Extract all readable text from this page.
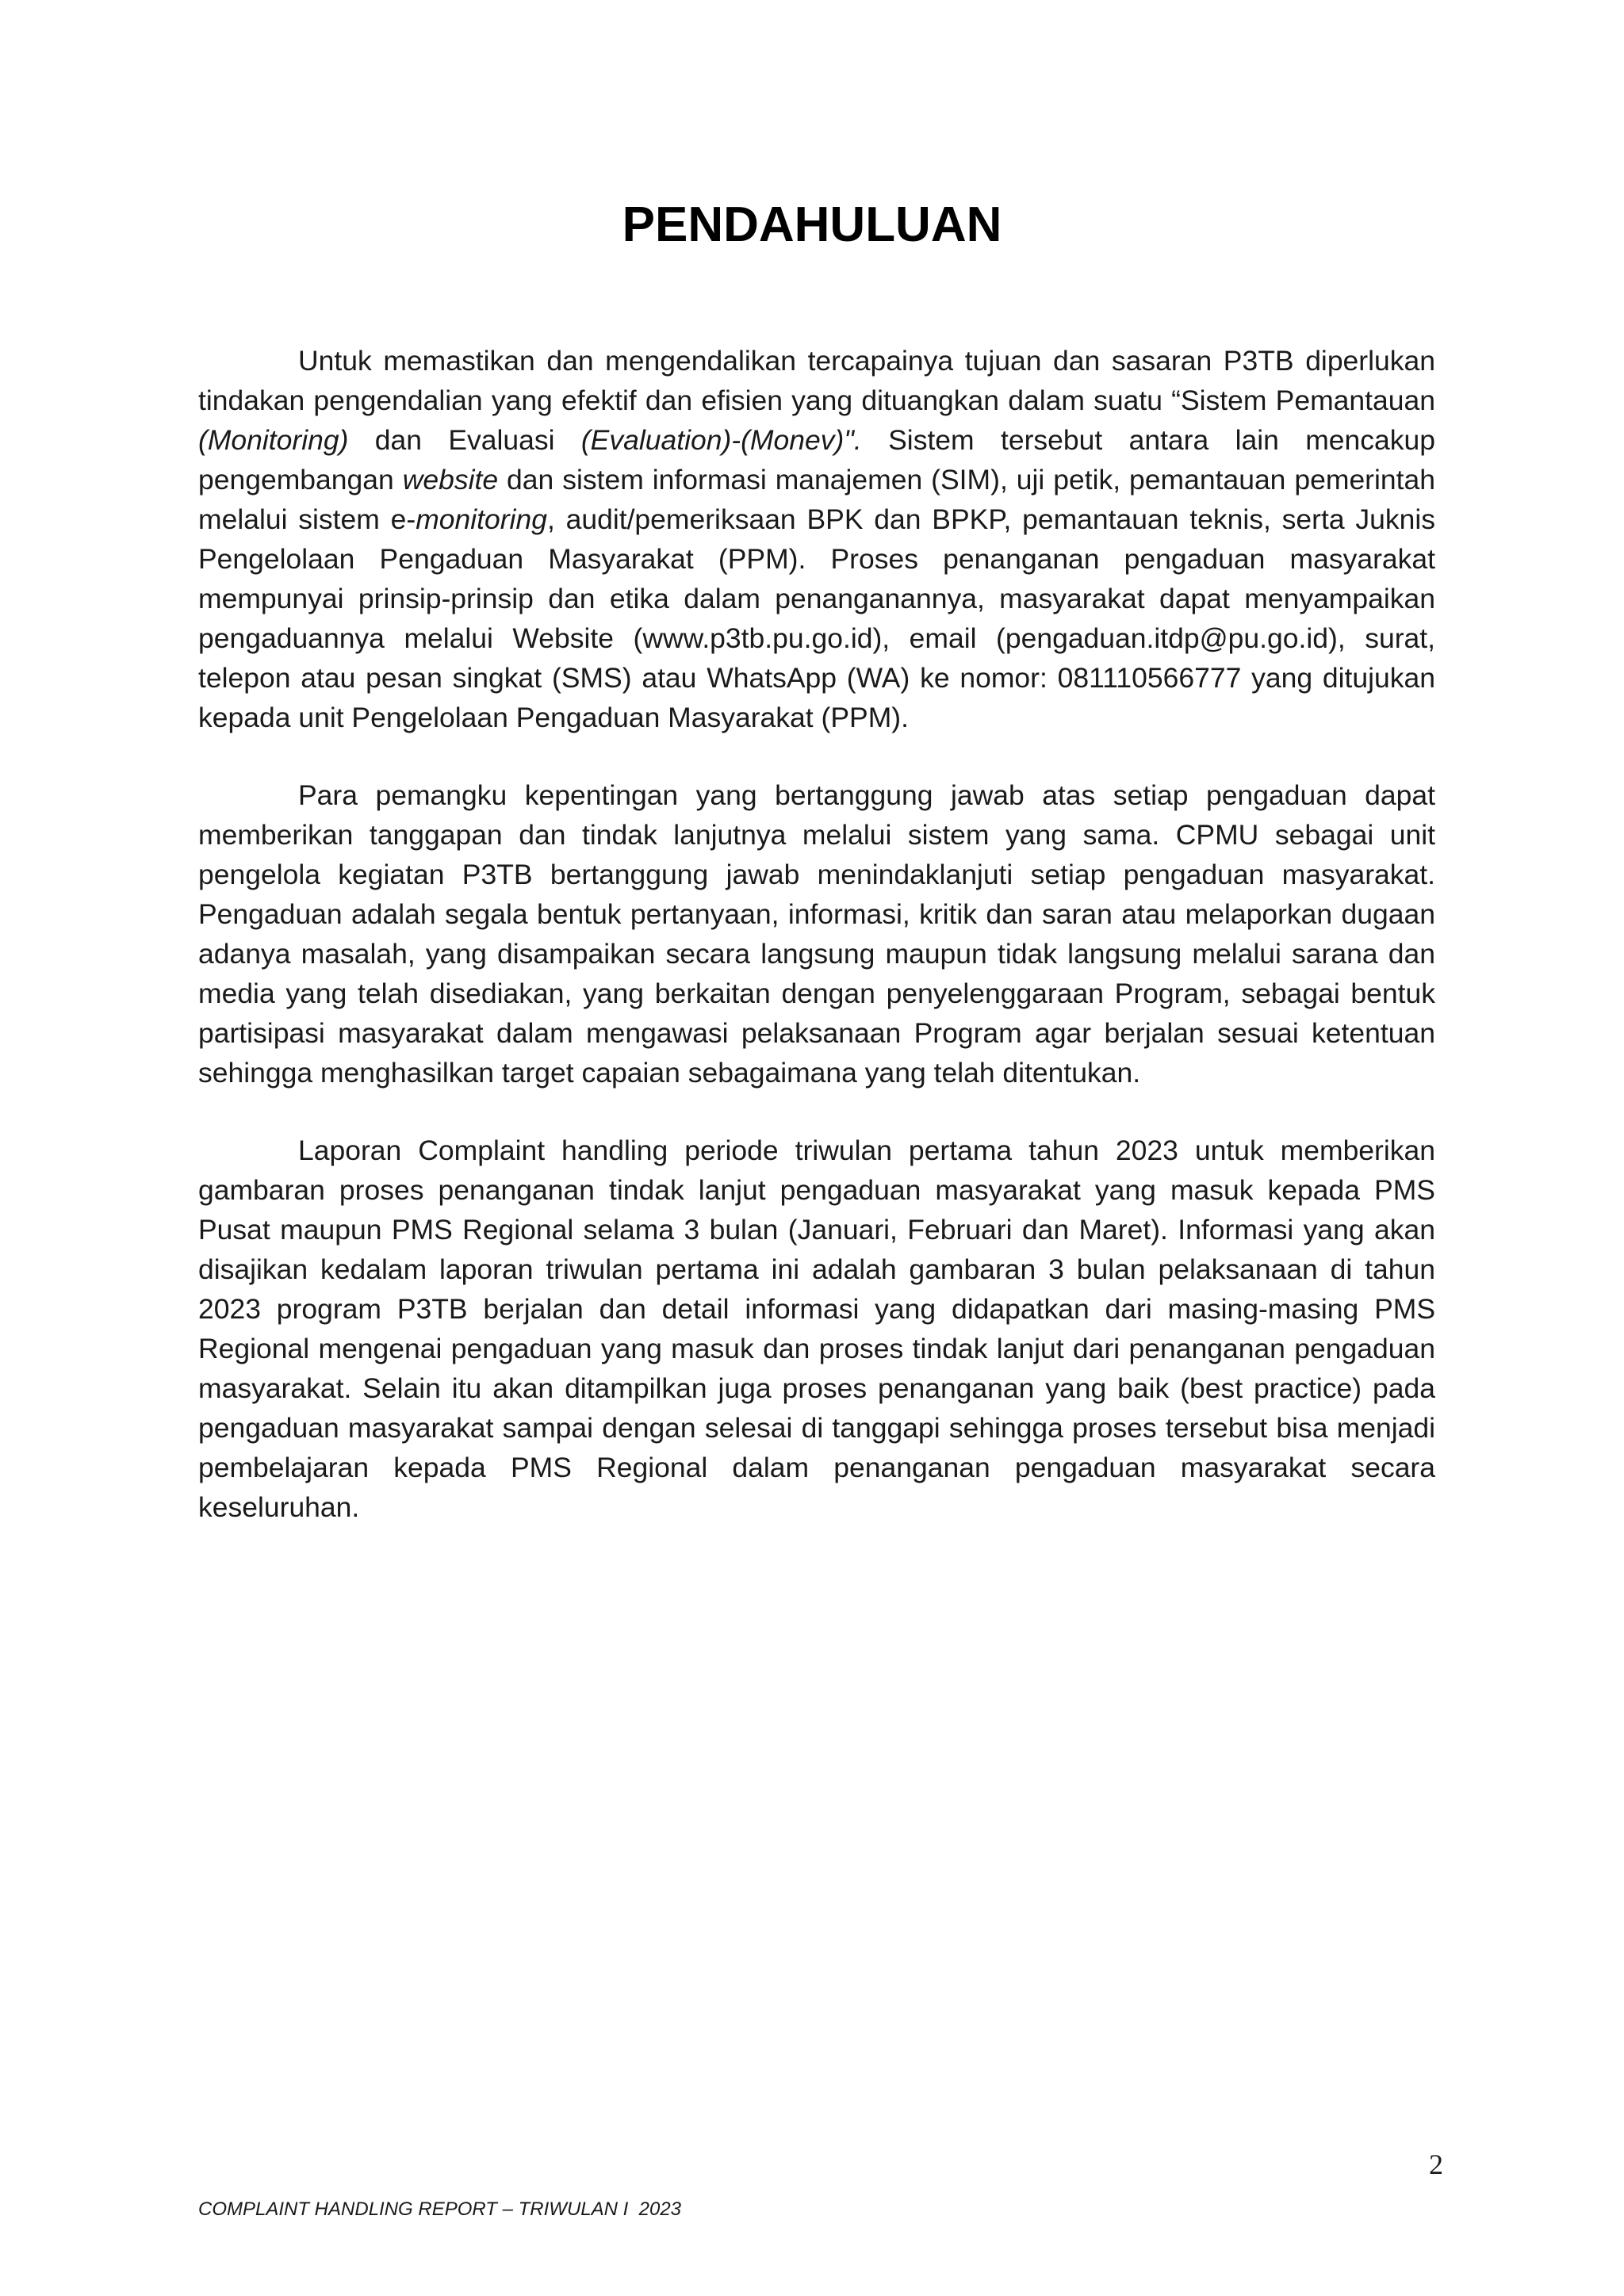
PENDAHULUAN

Untuk memastikan dan mengendalikan tercapainya tujuan dan sasaran P3TB diperlukan tindakan pengendalian yang efektif dan efisien yang dituangkan dalam suatu “Sistem Pemantauan (Monitoring) dan Evaluasi (Evaluation)-(Monev)". Sistem tersebut antara lain mencakup pengembangan website dan sistem informasi manajemen (SIM), uji petik, pemantauan pemerintah melalui sistem e-monitoring, audit/pemeriksaan BPK dan BPKP, pemantauan teknis, serta Juknis Pengelolaan Pengaduan Masyarakat (PPM). Proses penanganan pengaduan masyarakat mempunyai prinsip-prinsip dan etika dalam penanganannya, masyarakat dapat menyampaikan pengaduannya melalui Website (www.p3tb.pu.go.id), email (pengaduan.itdp@pu.go.id), surat, telepon atau pesan singkat (SMS) atau WhatsApp (WA) ke nomor: 081110566777 yang ditujukan kepada unit Pengelolaan Pengaduan Masyarakat (PPM).

Para pemangku kepentingan yang bertanggung jawab atas setiap pengaduan dapat memberikan tanggapan dan tindak lanjutnya melalui sistem yang sama. CPMU sebagai unit pengelola kegiatan P3TB bertanggung jawab menindaklanjuti setiap pengaduan masyarakat. Pengaduan adalah segala bentuk pertanyaan, informasi, kritik dan saran atau melaporkan dugaan adanya masalah, yang disampaikan secara langsung maupun tidak langsung melalui sarana dan media yang telah disediakan, yang berkaitan dengan penyelenggaraan Program, sebagai bentuk partisipasi masyarakat dalam mengawasi pelaksanaan Program agar berjalan sesuai ketentuan sehingga menghasilkan target capaian sebagaimana yang telah ditentukan.

Laporan Complaint handling periode triwulan pertama tahun 2023 untuk memberikan gambaran proses penanganan tindak lanjut pengaduan masyarakat yang masuk kepada PMS Pusat maupun PMS Regional selama 3 bulan (Januari, Februari dan Maret). Informasi yang akan disajikan kedalam laporan triwulan pertama ini adalah gambaran 3 bulan pelaksanaan di tahun 2023 program P3TB berjalan dan detail informasi yang didapatkan dari masing-masing PMS Regional mengenai pengaduan yang masuk dan proses tindak lanjut dari penanganan pengaduan masyarakat. Selain itu akan ditampilkan juga proses penanganan yang baik (best practice) pada pengaduan masyarakat sampai dengan selesai di tanggapi sehingga proses tersebut bisa menjadi pembelajaran kepada PMS Regional dalam penanganan pengaduan masyarakat secara keseluruhan.

2
COMPLAINT HANDLING REPORT – TRIWULAN I  2023
